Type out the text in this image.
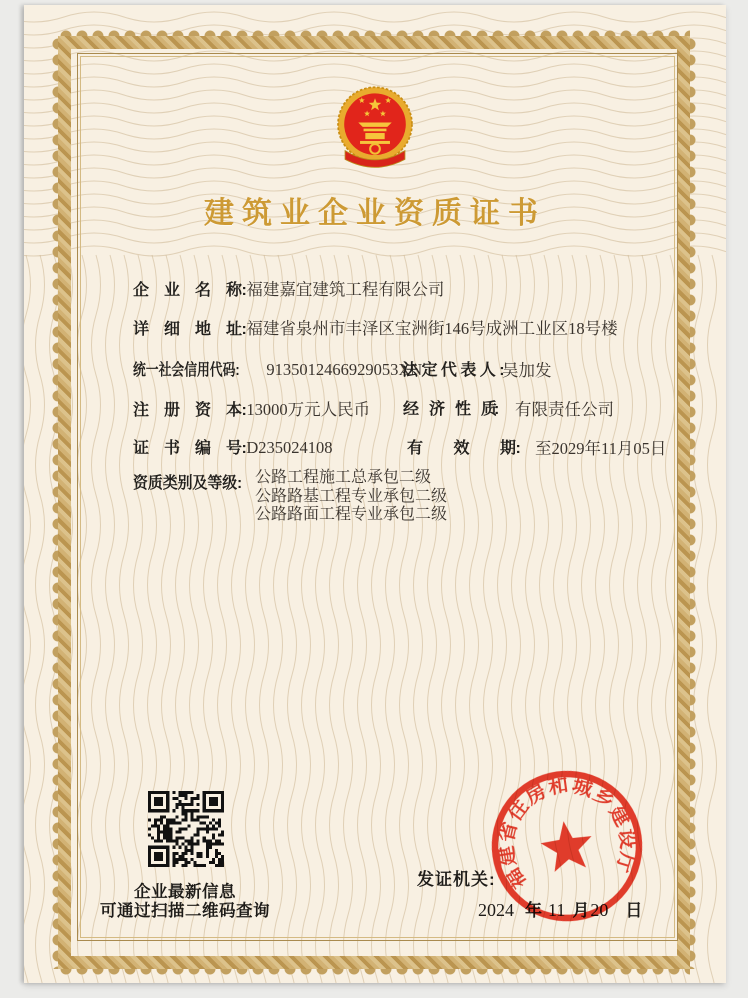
建筑业企业资质证书
企　业　名　称:福建嘉宜建筑工程有限公司
详　细　地　址:福建省泉州市丰泽区宝洲街146号成洲工业区18号楼
统一社会信用代码: 9135012466929053XN
法 定 代 表 人 :
吴加发
注　册　资　本:13000万元人民币 经　济　性　质: 有限责任公司
证　书　编　号:D235024108	有　　效　　期: 至2029年11月05日
资质类别及等级: 公路工程施工总承包二级
公路路基工程专业承包二级
公路路面工程专业承包二级
企业最新信息
可通过扫描二维码查询
发证机关:
2024 年 11 月20 日
福建省住房和城乡建设厅
